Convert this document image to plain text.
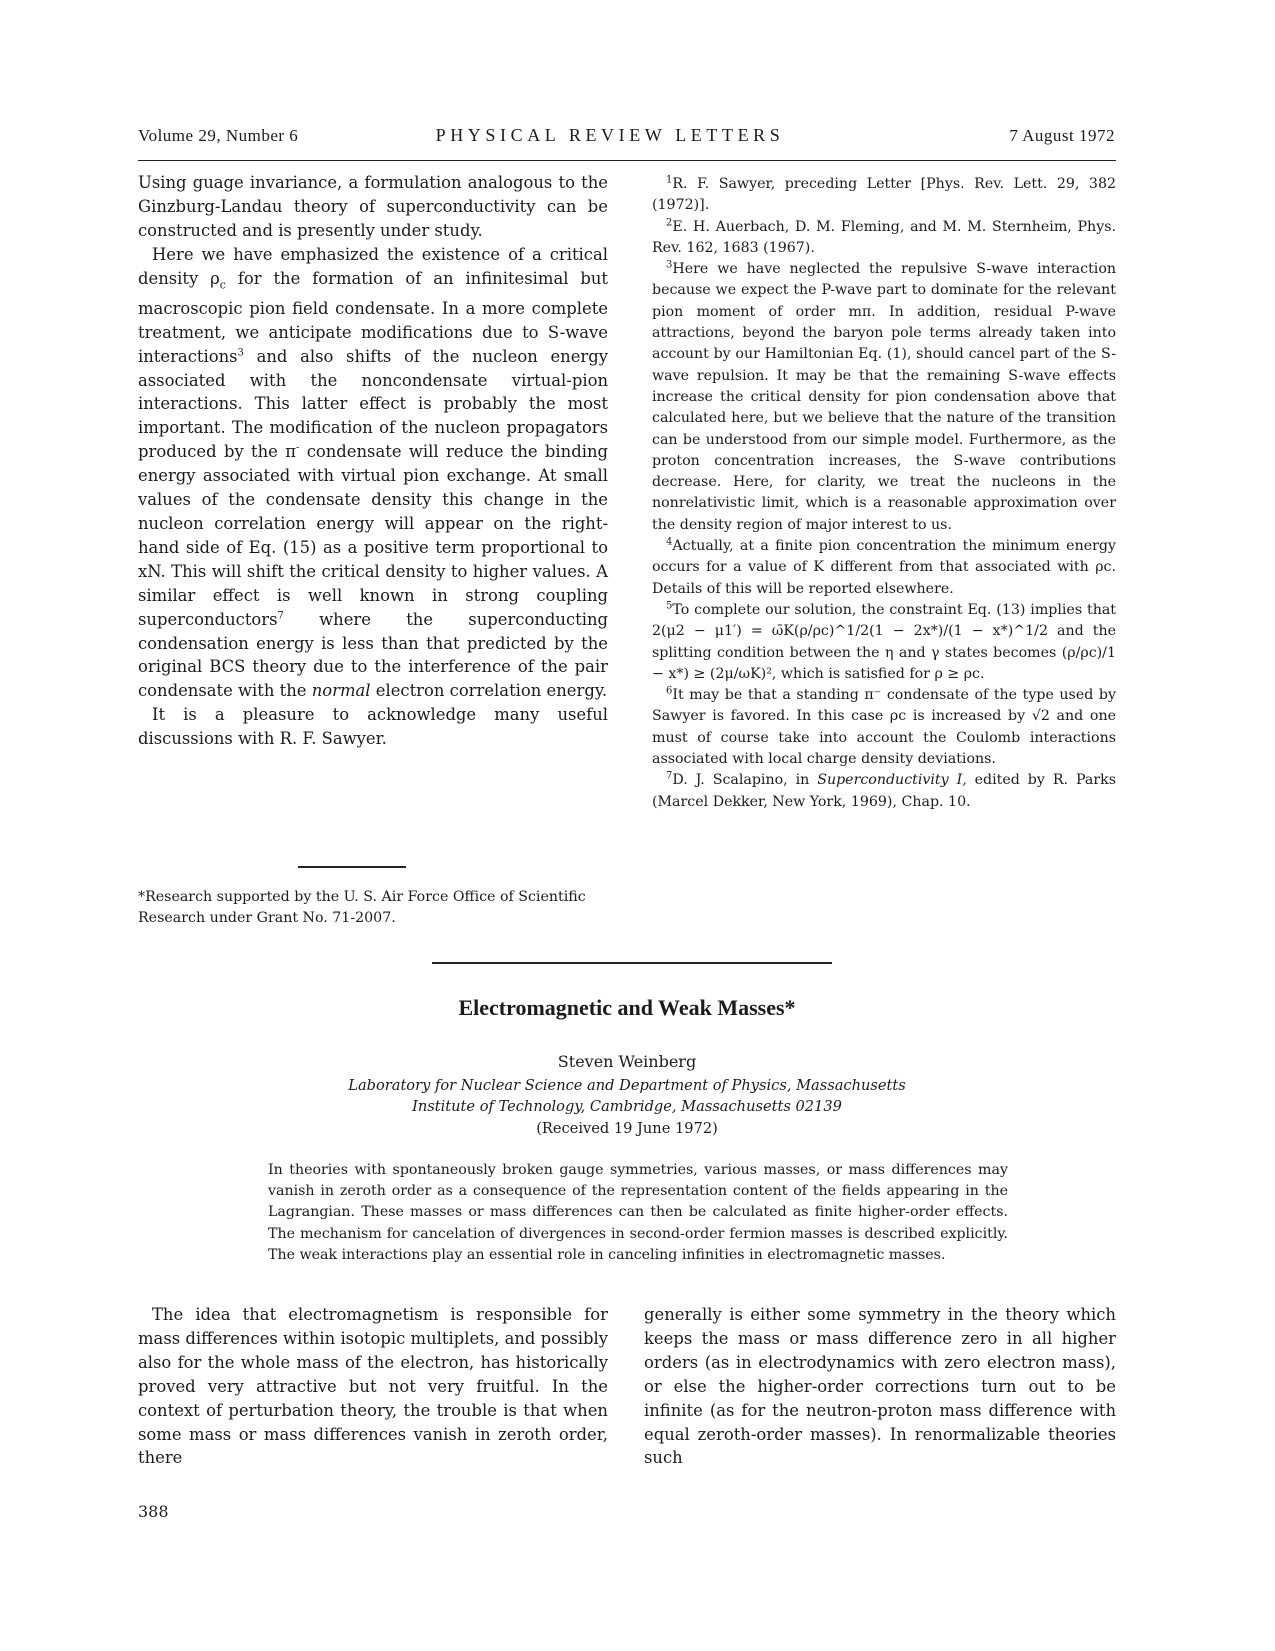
Volume 29, Number 6	PHYSICAL REVIEW LETTERS	7 August 1972

Using guage invariance, a formulation analogous to the Ginzburg-Landau theory of superconductivity can be constructed and is presently under study.

Here we have emphasized the existence of a critical density $\rho_c$ for the formation of an infinitesimal but macroscopic pion field condensate. In a more complete treatment, we anticipate modifications due to S-wave interactions$^3$ and also shifts of the nucleon energy associated with the noncondensate virtual-pion interactions. This latter effect is probably the most important. The modification of the nucleon propagators produced by the π- condensate will reduce the binding energy associated with virtual pion exchange. At small values of the condensate density this change in the nucleon correlation energy will appear on the right-hand side of Eq. (15) as a positive term proportional to xN. This will shift the critical density to higher values. A similar effect is well known in strong coupling superconductors$^7$ where the superconducting condensation energy is less than that predicted by the original BCS theory due to the interference of the pair condensate with the normal electron correlation energy.

It is a pleasure to acknowledge many useful discussions with R. F. Sawyer.

*Research supported by the U. S. Air Force Office of Scientific Research under Grant No. 71-2007.

$^1$R. F. Sawyer, preceding Letter [Phys. Rev. Lett. 29, 382 (1972)].

$^2$E. H. Auerbach, D. M. Fleming, and M. M. Sternheim, Phys. Rev. 162, 1683 (1967).

$^3$Here we have neglected the repulsive S-wave interaction because we expect the P-wave part to dominate for the relevant pion moment of order mπ. In addition, residual P-wave attractions, beyond the baryon pole terms already taken into account by our Hamiltonian Eq. (1), should cancel part of the S-wave repulsion. It may be that the remaining S-wave effects increase the critical density for pion condensation above that calculated here, but we believe that the nature of the transition can be understood from our simple model. Furthermore, as the proton concentration increases, the S-wave contributions decrease. Here, for clarity, we treat the nucleons in the nonrelativistic limit, which is a reasonable approximation over the density region of major interest to us.

$^4$Actually, at a finite pion concentration the minimum energy occurs for a value of K different from that associated with ρc. Details of this will be reported elsewhere.

$^5$To complete our solution, the constraint Eq. (13) implies that 2(μ2 − μ1′) = ω̄K(ρ/ρc)^1/2(1 − 2x*)/(1 − x*)^1/2 and the splitting condition between the η and γ states becomes (ρ/ρc)/1 − x*) ≥ (2μ/ωK)², which is satisfied for ρ ≥ ρc.

$^6$It may be that a standing π⁻ condensate of the type used by Sawyer is favored. In this case ρc is increased by √2 and one must of course take into account the Coulomb interactions associated with local charge density deviations.

$^7$D. J. Scalapino, in Superconductivity I, edited by R. Parks (Marcel Dekker, New York, 1969), Chap. 10.

Electromagnetic and Weak Masses*
Steven Weinberg
Laboratory for Nuclear Science and Department of Physics, Massachusetts
Institute of Technology, Cambridge, Massachusetts 02139
(Received 19 June 1972)
In theories with spontaneously broken gauge symmetries, various masses, or mass differences may vanish in zeroth order as a consequence of the representation content of the fields appearing in the Lagrangian. These masses or mass differences can then be calculated as finite higher-order effects. The mechanism for cancelation of divergences in second-order fermion masses is described explicitly. The weak interactions play an essential role in canceling infinities in electromagnetic masses.
The idea that electromagnetism is responsible for mass differences within isotopic multiplets, and possibly also for the whole mass of the electron, has historically proved very attractive but not very fruitful. In the context of perturbation theory, the trouble is that when some mass or mass differences vanish in zeroth order, there
generally is either some symmetry in the theory which keeps the mass or mass difference zero in all higher orders (as in electrodynamics with zero electron mass), or else the higher-order corrections turn out to be infinite (as for the neutron-proton mass difference with equal zeroth-order masses). In renormalizable theories such
388
